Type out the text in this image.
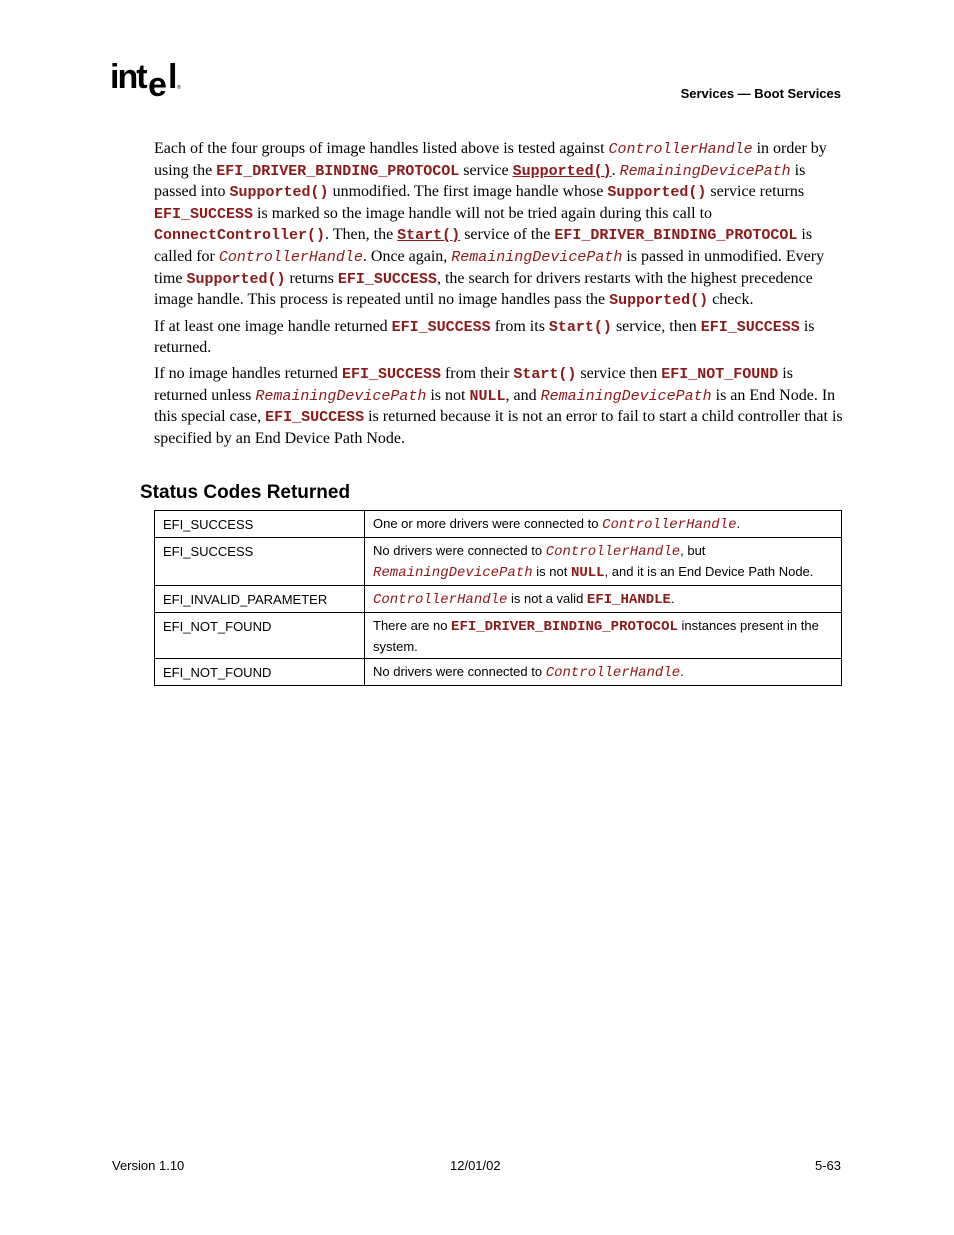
int e l ®	Services — Boot Services

Each of the four groups of image handles listed above is tested against ControllerHandle in order by using the EFI_DRIVER_BINDING_PROTOCOL service Supported(). RemainingDevicePath is passed into Supported() unmodified. The first image handle whose Supported() service returns EFI_SUCCESS is marked so the image handle will not be tried again during this call to ConnectController(). Then, the Start() service of the EFI_DRIVER_BINDING_PROTOCOL is called for ControllerHandle. Once again, RemainingDevicePath is passed in unmodified. Every time Supported() returns EFI_SUCCESS, the search for drivers restarts with the highest precedence image handle. This process is repeated until no image handles pass the Supported() check.

If at least one image handle returned EFI_SUCCESS from its Start() service, then EFI_SUCCESS is returned.

If no image handles returned EFI_SUCCESS from their Start() service then EFI_NOT_FOUND is returned unless RemainingDevicePath is not NULL, and RemainingDevicePath is an End Node. In this special case, EFI_SUCCESS is returned because it is not an error to fail to start a child controller that is specified by an End Device Path Node.

Status Codes Returned
EFI_SUCCESS	One or more drivers were connected to ControllerHandle.
EFI_SUCCESS	No drivers were connected to ControllerHandle, but RemainingDevicePath is not NULL, and it is an End Device Path Node.
EFI_INVALID_PARAMETER	ControllerHandle is not a valid EFI_HANDLE.
EFI_NOT_FOUND	There are no EFI_DRIVER_BINDING_PROTOCOL instances present in the system.
EFI_NOT_FOUND	No drivers were connected to ControllerHandle.
Version 1.10	12/01/02	5-63
